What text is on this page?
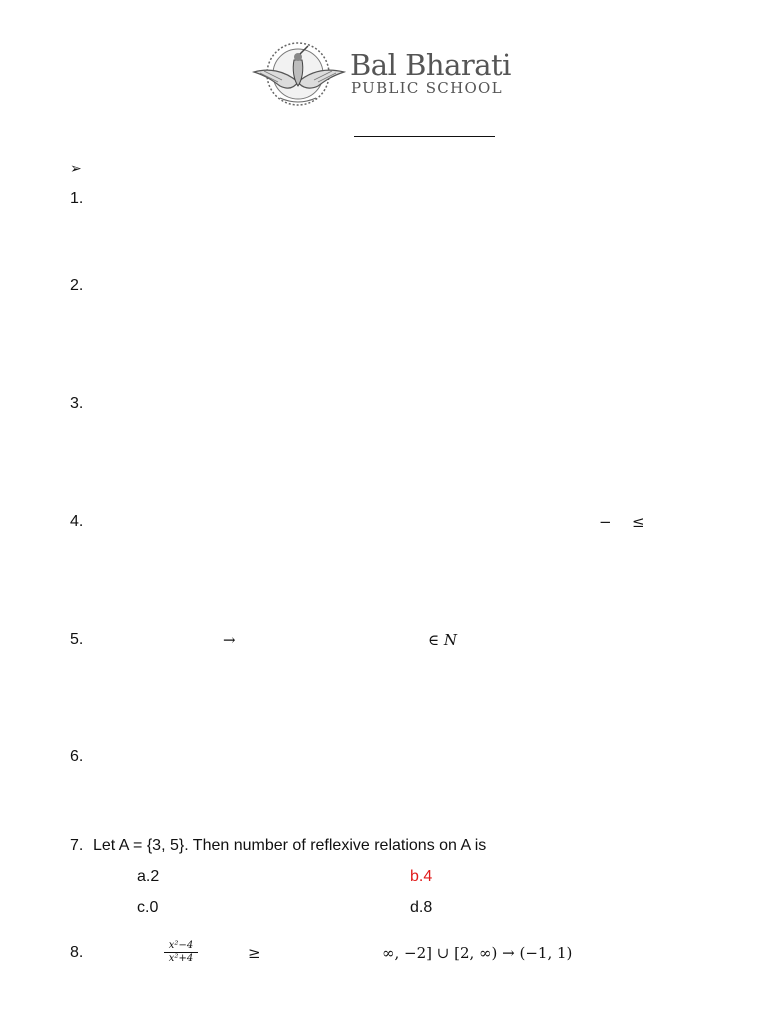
Bal Bharati
PUBLIC SCHOOL
➢
1.
2.
3.
4.	− ≤
5.	→	∈ N
6.
7. Let A = {3, 5}. Then number of reflexive relations on A is
a.2	b.4
c.0	d.8
8.	$\frac{\text{x²−4}}{\text{x²+4}}$	≥	∞, −2] ∪ [2, ∞) → (−1, 1)
